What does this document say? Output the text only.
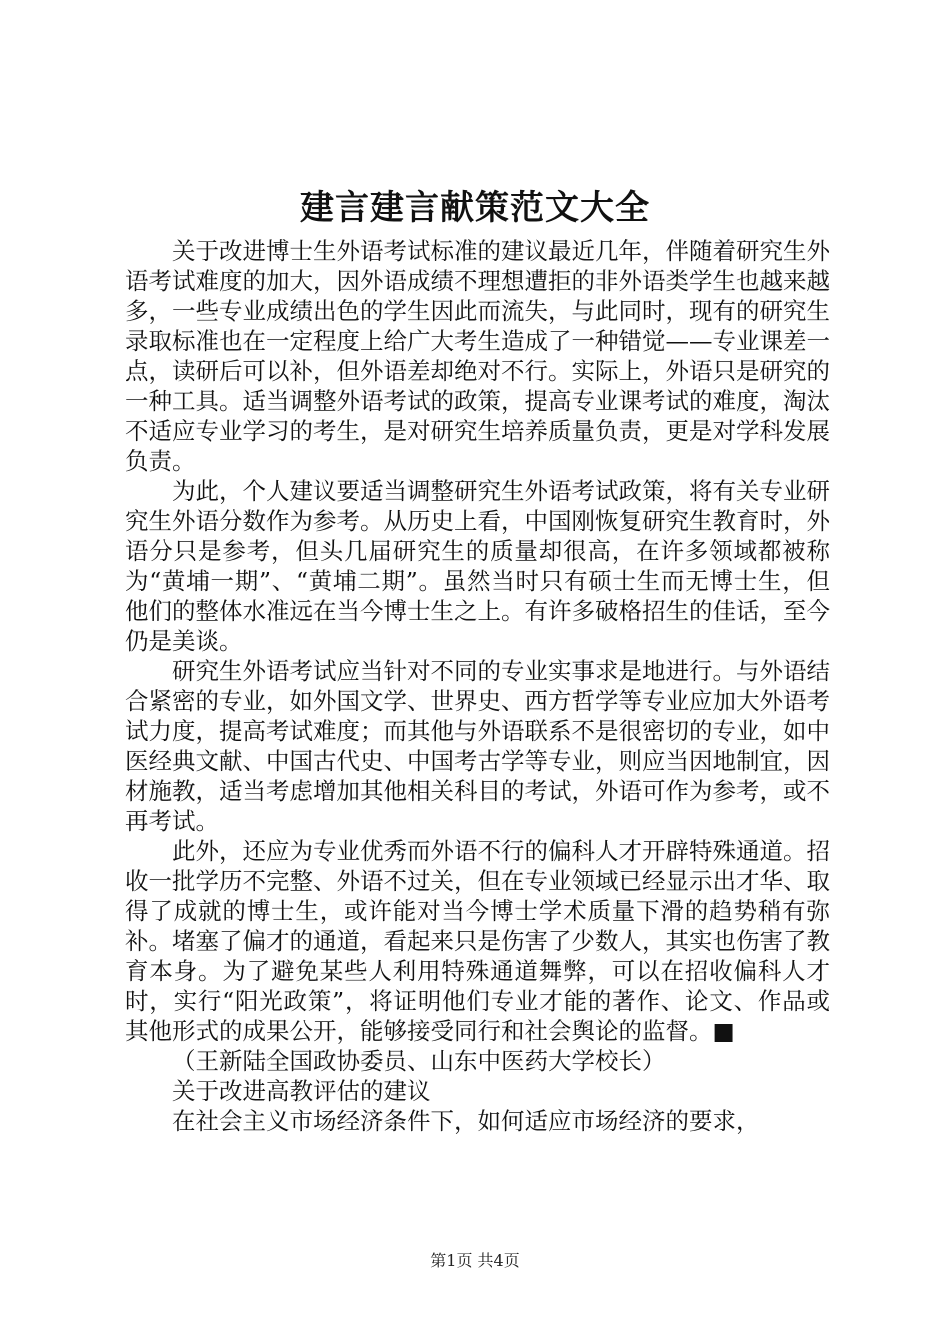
建言建言献策范文大全

关于改进博士生外语考试标准的建议最近几年，伴随着研究生外语考试难度的加大，因外语成绩不理想遭拒的非外语类学生也越来越多，一些专业成绩出色的学生因此而流失，与此同时，现有的研究生录取标准也在一定程度上给广大考生造成了一种错觉——专业课差一点，读研后可以补，但外语差却绝对不行。实际上，外语只是研究的一种工具。适当调整外语考试的政策，提高专业课考试的难度，淘汰不适应专业学习的考生，是对研究生培养质量负责，更是对学科发展负责。

为此，个人建议要适当调整研究生外语考试政策，将有关专业研究生外语分数作为参考。从历史上看，中国刚恢复研究生教育时，外语分只是参考，但头几届研究生的质量却很高，在许多领域都被称为“黄埔一期”、“黄埔二期”。虽然当时只有硕士生而无博士生，但他们的整体水准远在当今博士生之上。有许多破格招生的佳话，至今仍是美谈。

研究生外语考试应当针对不同的专业实事求是地进行。与外语结合紧密的专业，如外国文学、世界史、西方哲学等专业应加大外语考试力度，提高考试难度；而其他与外语联系不是很密切的专业，如中医经典文献、中国古代史、中国考古学等专业，则应当因地制宜，因材施教，适当考虑增加其他相关科目的考试，外语可作为参考，或不再考试。

此外，还应为专业优秀而外语不行的偏科人才开辟特殊通道。招收一批学历不完整、外语不过关，但在专业领域已经显示出才华、取得了成就的博士生，或许能对当今博士学术质量下滑的趋势稍有弥补。堵塞了偏才的通道，看起来只是伤害了少数人，其实也伤害了教育本身。为了避免某些人利用特殊通道舞弊，可以在招收偏科人才时，实行“阳光政策”，将证明他们专业才能的著作、论文、作品或其他形式的成果公开，能够接受同行和社会舆论的监督。■

（王新陆全国政协委员、山东中医药大学校长）

关于改进高教评估的建议

在社会主义市场经济条件下，如何适应市场经济的要求，

第1页 共4页
